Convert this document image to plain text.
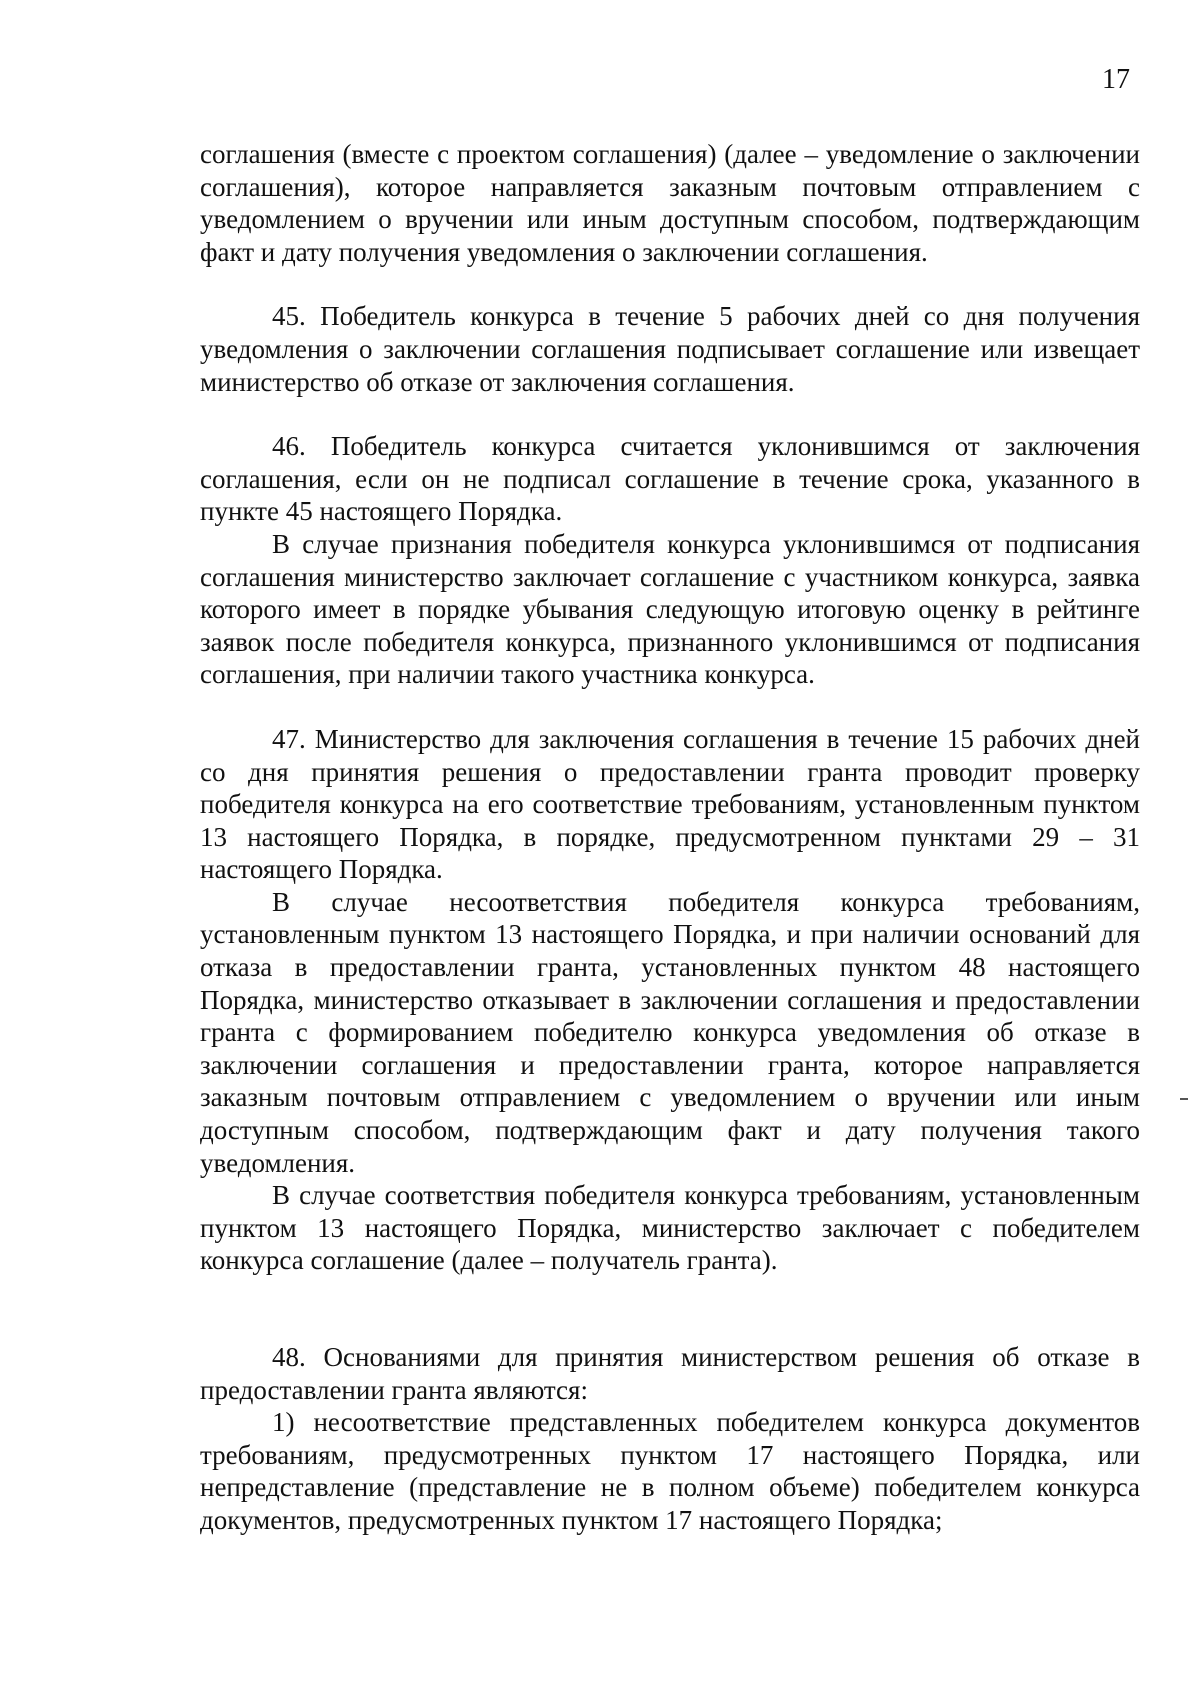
17

соглашения (вместе с проектом соглашения) (далее – уведомление о заключении соглашения), которое направляется заказным почтовым отправлением с уведомлением о вручении или иным доступным способом, подтверждающим факт и дату получения уведомления о заключении соглашения.

45. Победитель конкурса в течение 5 рабочих дней со дня получения уведомления о заключении соглашения подписывает соглашение или извещает министерство об отказе от заключения соглашения.

46. Победитель конкурса считается уклонившимся от заключения соглашения, если он не подписал соглашение в течение срока, указанного в пункте 45 настоящего Порядка.

В случае признания победителя конкурса уклонившимся от подписания соглашения министерство заключает соглашение с участником конкурса, заявка которого имеет в порядке убывания следующую итоговую оценку в рейтинге заявок после победителя конкурса, признанного уклонившимся от подписания соглашения, при наличии такого участника конкурса.

47. Министерство для заключения соглашения в течение 15 рабочих дней со дня принятия решения о предоставлении гранта проводит проверку победителя конкурса на его соответствие требованиям, установленным пунктом 13 настоящего Порядка, в порядке, предусмотренном пунктами 29 – 31 настоящего Порядка.

В случае несоответствия победителя конкурса требованиям, установленным пунктом 13 настоящего Порядка, и при наличии оснований для отказа в предоставлении гранта, установленных пунктом 48 настоящего Порядка, министерство отказывает в заключении соглашения и предоставлении гранта с формированием победителю конкурса уведомления об отказе в заключении соглашения и предоставлении гранта, которое направляется заказным почтовым отправлением с уведомлением о вручении или иным доступным способом, подтверждающим факт и дату получения такого уведомления.

В случае соответствия победителя конкурса требованиям, установленным пунктом 13 настоящего Порядка, министерство заключает с победителем конкурса соглашение (далее – получатель гранта).

48. Основаниями для принятия министерством решения об отказе в предоставлении гранта являются:

1) несоответствие представленных победителем конкурса документов требованиям, предусмотренных пунктом 17 настоящего Порядка, или непредставление (представление не в полном объеме) победителем конкурса документов, предусмотренных пунктом 17 настоящего Порядка;
